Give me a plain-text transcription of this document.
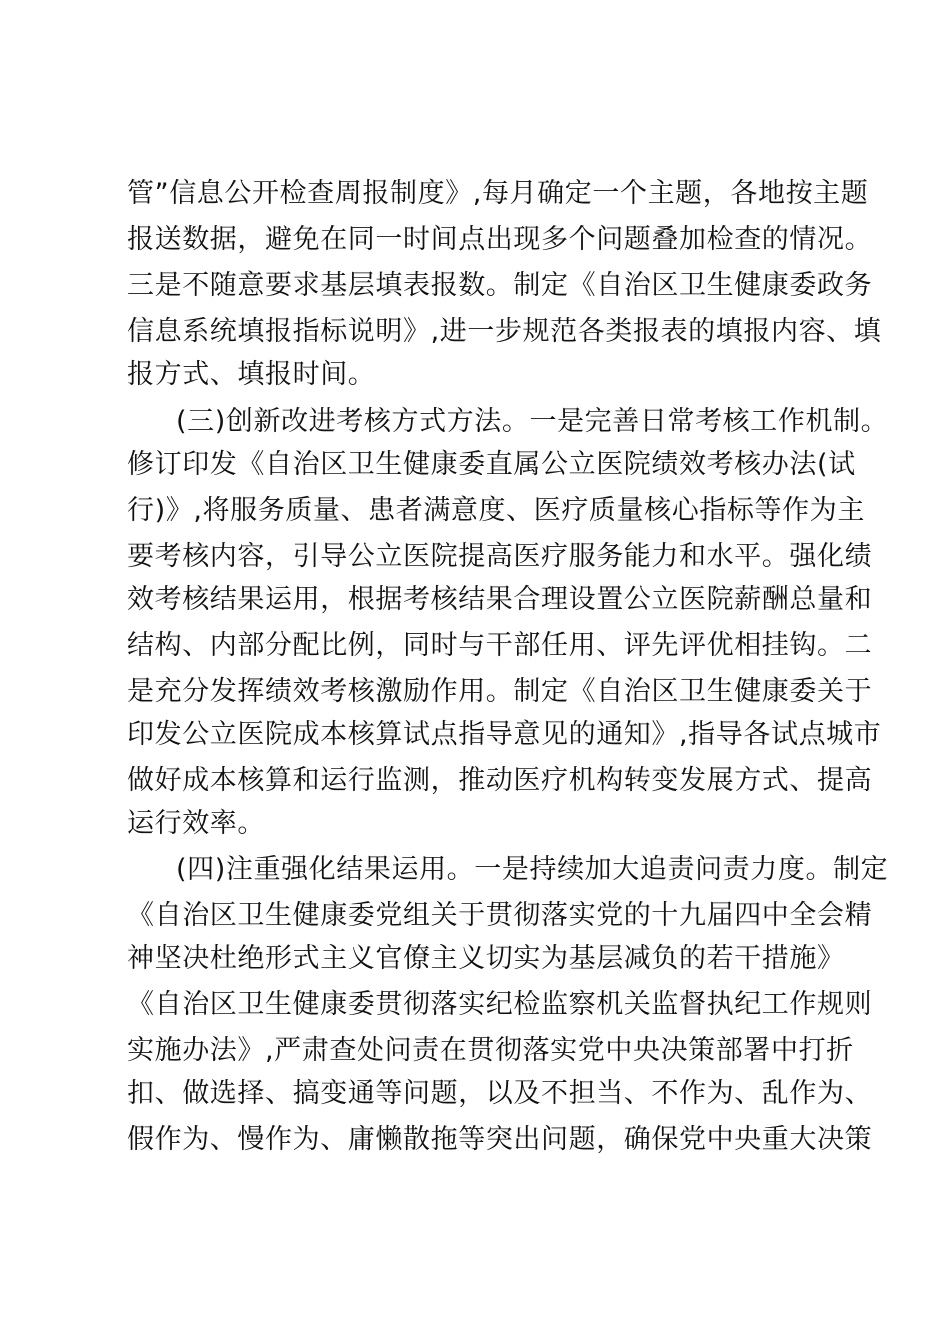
管”信息公开检查周报制度》,每月确定一个主题，各地按主题
报送数据，避免在同一时间点出现多个问题叠加检查的情况。
三是不随意要求基层填表报数。制定《自治区卫生健康委政务
信息系统填报指标说明》,进一步规范各类报表的填报内容、填
报方式、填报时间。
(三)创新改进考核方式方法。一是完善日常考核工作机制。
修订印发《自治区卫生健康委直属公立医院绩效考核办法(试
行)》,将服务质量、患者满意度、医疗质量核心指标等作为主
要考核内容，引导公立医院提高医疗服务能力和水平。强化绩
效考核结果运用，根据考核结果合理设置公立医院薪酬总量和
结构、内部分配比例，同时与干部任用、评先评优相挂钩。二
是充分发挥绩效考核激励作用。制定《自治区卫生健康委关于
印发公立医院成本核算试点指导意见的通知》,指导各试点城市
做好成本核算和运行监测，推动医疗机构转变发展方式、提高
运行效率。
(四)注重强化结果运用。一是持续加大追责问责力度。制定
《自治区卫生健康委党组关于贯彻落实党的十九届四中全会精
神坚决杜绝形式主义官僚主义切实为基层减负的若干措施》
《自治区卫生健康委贯彻落实纪检监察机关监督执纪工作规则
实施办法》,严肃查处问责在贯彻落实党中央决策部署中打折
扣、做选择、搞变通等问题，以及不担当、不作为、乱作为、
假作为、慢作为、庸懒散拖等突出问题，确保党中央重大决策
